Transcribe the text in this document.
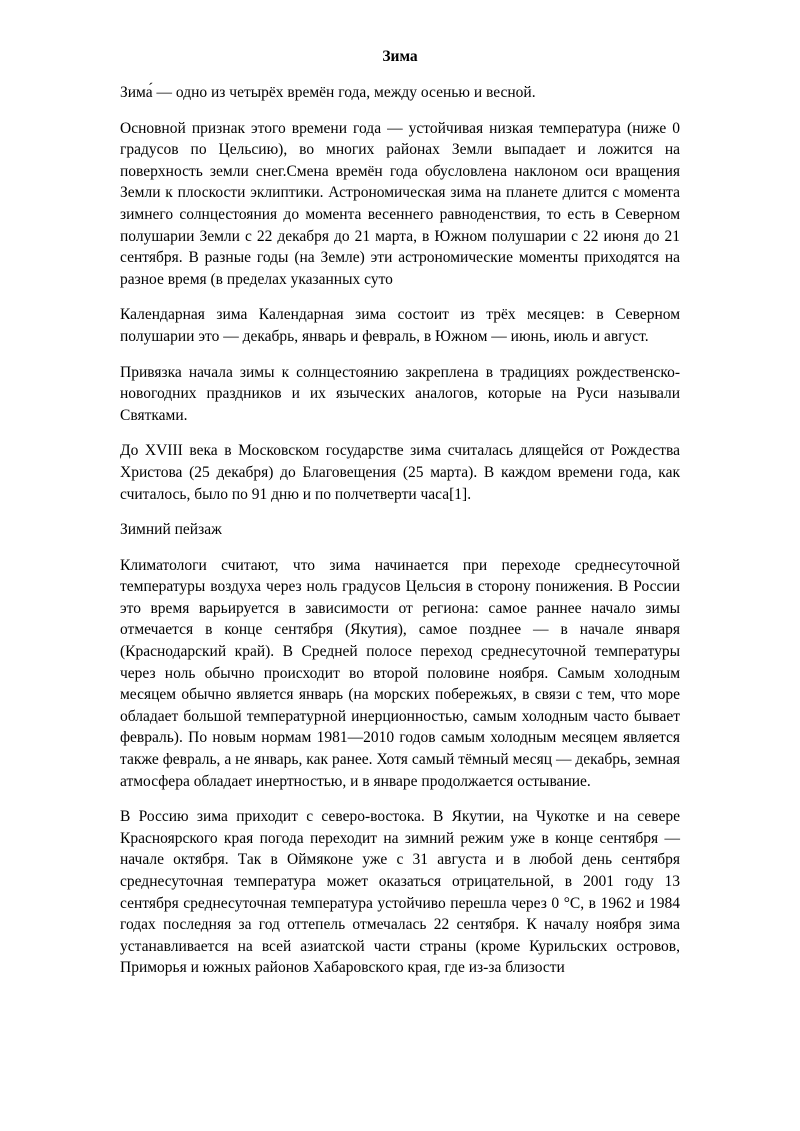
Зима

Зима́ — одно из четырёх времён года, между осенью и весной.

Основной признак этого времени года — устойчивая низкая температура (ниже 0 градусов по Цельсию), во многих районах Земли выпадает и ложится на поверхность земли снег.Смена времён года обусловлена наклоном оси вращения Земли к плоскости эклиптики. Астрономическая зима на планете длится с момента зимнего солнцестояния до момента весеннего равноденствия, то есть в Северном полушарии Земли с 22 декабря до 21 марта, в Южном полушарии с 22 июня до 21 сентября. В разные годы (на Земле) эти астрономические моменты приходятся на разное время (в пределах указанных суто

Календарная зима Календарная зима состоит из трёх месяцев: в Северном полушарии это — декабрь, январь и февраль, в Южном — июнь, июль и август.

Привязка начала зимы к солнцестоянию закреплена в традициях рождественско-новогодних праздников и их языческих аналогов, которые на Руси называли Святками.

До XVIII века в Московском государстве зима считалась длящейся от Рождества Христова (25 декабря) до Благовещения (25 марта). В каждом времени года, как считалось, было по 91 дню и по полчетверти часа[1].

Зимний пейзаж

Климатологи считают, что зима начинается при переходе среднесуточной температуры воздуха через ноль градусов Цельсия в сторону понижения. В России это время варьируется в зависимости от региона: самое раннее начало зимы отмечается в конце сентября (Якутия), самое позднее — в начале января (Краснодарский край). В Средней полосе переход среднесуточной температуры через ноль обычно происходит во второй половине ноября. Самым холодным месяцем обычно является январь (на морских побережьях, в связи с тем, что море обладает большой температурной инерционностью, самым холодным часто бывает февраль). По новым нормам 1981—2010 годов самым холодным месяцем является также февраль, а не январь, как ранее. Хотя самый тёмный месяц — декабрь, земная атмосфера обладает инертностью, и в январе продолжается остывание.

В Россию зима приходит с северо-востока. В Якутии, на Чукотке и на севере Красноярского края погода переходит на зимний режим уже в конце сентября — начале октября. Так в Оймяконе уже с 31 августа и в любой день сентября среднесуточная температура может оказаться отрицательной, в 2001 году 13 сентября среднесуточная температура устойчиво перешла через 0 °C, в 1962 и 1984 годах последняя за год оттепель отмечалась 22 сентября. К началу ноября зима устанавливается на всей азиатской части страны (кроме Курильских островов, Приморья и южных районов Хабаровского края, где из-за близости
